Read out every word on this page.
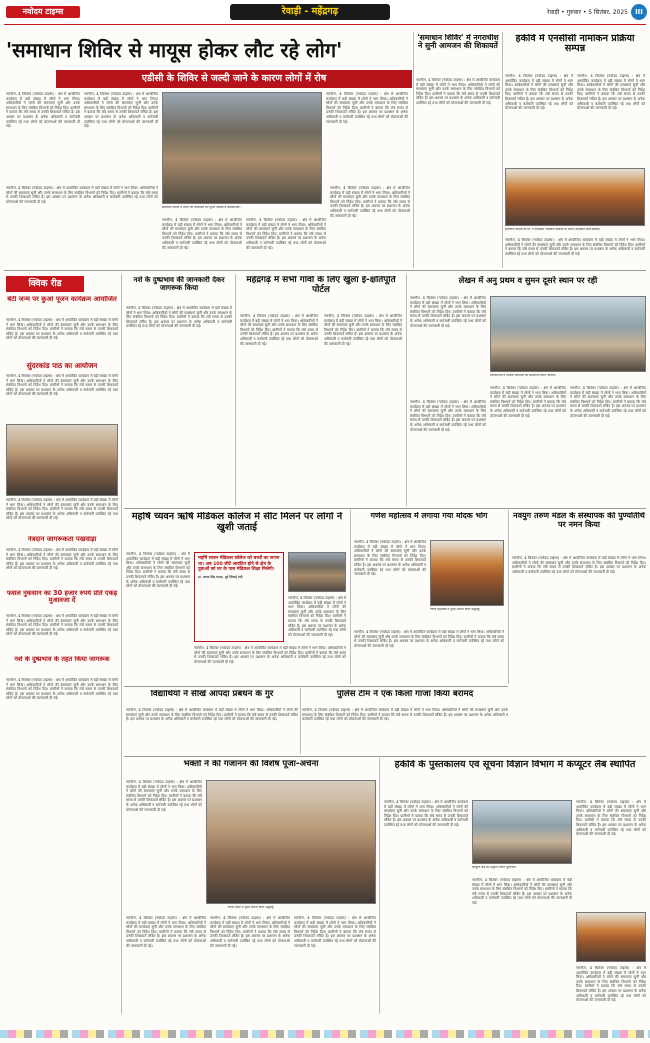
नवोदय टाइम्स	रेवाड़ी - महेंद्रगढ़	रेवाड़ी • गुरुवार • 5 सितंबर, 2025	III
'समाधान शिविर से मायूस होकर लौट रहे लोग'
एडीसी के शिविर से जल्दी जाने के कारण लोगों में रोष
नारनौल, 4 सितंबर (नवोदय टाइम्स) : क्षेत्र में आयोजित कार्यक्रम में बड़ी संख्या में लोगों ने भाग लिया। अधिकारियों ने लोगों की समस्याएं सुनीं और उनके समाधान के लिए संबंधित विभागों को निर्देश दिए। ग्रामीणों ने बताया कि लंबे समय से उनकी शिकायतें लंबित हैं। इस अवसर पर प्रशासन के अनेक अधिकारी व कर्मचारी उपस्थित रहे तथा लोगों को योजनाओं की जानकारी दी गई।
नारनौल, 4 सितंबर (नवोदय टाइम्स) : क्षेत्र में आयोजित कार्यक्रम में बड़ी संख्या में लोगों ने भाग लिया। अधिकारियों ने लोगों की समस्याएं सुनीं और उनके समाधान के लिए संबंधित विभागों को निर्देश दिए। ग्रामीणों ने बताया कि लंबे समय से उनकी शिकायतें लंबित हैं। इस अवसर पर प्रशासन के अनेक अधिकारी व कर्मचारी उपस्थित रहे तथा लोगों को योजनाओं की जानकारी दी गई।
समाधान शिविर में लोगों की शिकायतें को सुनते एडीसी व प्रशासनिक।
नारनौल, 4 सितंबर (नवोदय टाइम्स) : क्षेत्र में आयोजित कार्यक्रम में बड़ी संख्या में लोगों ने भाग लिया। अधिकारियों ने लोगों की समस्याएं सुनीं और उनके समाधान के लिए संबंधित विभागों को निर्देश दिए। ग्रामीणों ने बताया कि लंबे समय से उनकी शिकायतें लंबित हैं। इस अवसर पर प्रशासन के अनेक अधिकारी व कर्मचारी उपस्थित रहे तथा लोगों को योजनाओं की जानकारी दी गई।
नारनौल, 4 सितंबर (नवोदय टाइम्स) : क्षेत्र में आयोजित कार्यक्रम में बड़ी संख्या में लोगों ने भाग लिया। अधिकारियों ने लोगों की समस्याएं सुनीं और उनके समाधान के लिए संबंधित विभागों को निर्देश दिए। ग्रामीणों ने बताया कि लंबे समय से उनकी शिकायतें लंबित हैं। इस अवसर पर प्रशासन के अनेक अधिकारी व कर्मचारी उपस्थित रहे तथा लोगों को योजनाओं की जानकारी दी गई।
नारनौल, 4 सितंबर (नवोदय टाइम्स) : क्षेत्र में आयोजित कार्यक्रम में बड़ी संख्या में लोगों ने भाग लिया। अधिकारियों ने लोगों की समस्याएं सुनीं और उनके समाधान के लिए संबंधित विभागों को निर्देश दिए। ग्रामीणों ने बताया कि लंबे समय से उनकी शिकायतें लंबित हैं। इस अवसर पर प्रशासन के अनेक अधिकारी व कर्मचारी उपस्थित रहे तथा लोगों को योजनाओं की जानकारी दी गई।
नारनौल, 4 सितंबर (नवोदय टाइम्स) : क्षेत्र में आयोजित कार्यक्रम में बड़ी संख्या में लोगों ने भाग लिया। अधिकारियों ने लोगों की समस्याएं सुनीं और उनके समाधान के लिए संबंधित विभागों को निर्देश दिए। ग्रामीणों ने बताया कि लंबे समय से उनकी शिकायतें लंबित हैं। इस अवसर पर प्रशासन के अनेक अधिकारी व कर्मचारी उपस्थित रहे तथा लोगों को योजनाओं की जानकारी दी गई।
नारनौल, 4 सितंबर (नवोदय टाइम्स) : क्षेत्र में आयोजित कार्यक्रम में बड़ी संख्या में लोगों ने भाग लिया। अधिकारियों ने लोगों की समस्याएं सुनीं और उनके समाधान के लिए संबंधित विभागों को निर्देश दिए। ग्रामीणों ने बताया कि लंबे समय से उनकी शिकायतें लंबित हैं। इस अवसर पर प्रशासन के अनेक अधिकारी व कर्मचारी उपस्थित रहे तथा लोगों को योजनाओं की जानकारी दी गई।
'समाधान शिविर' में नगराधीश ने सुनी आमजन की शिकायतें
नारनौल, 4 सितंबर (नवोदय टाइम्स) : क्षेत्र में आयोजित कार्यक्रम में बड़ी संख्या में लोगों ने भाग लिया। अधिकारियों ने लोगों की समस्याएं सुनीं और उनके समाधान के लिए संबंधित विभागों को निर्देश दिए। ग्रामीणों ने बताया कि लंबे समय से उनकी शिकायतें लंबित हैं। इस अवसर पर प्रशासन के अनेक अधिकारी व कर्मचारी उपस्थित रहे तथा लोगों को योजनाओं की जानकारी दी गई।
हकेवि में एनसीसी नामांकन प्रक्रिया सम्पन्न
नारनौल, 4 सितंबर (नवोदय टाइम्स) : क्षेत्र में आयोजित कार्यक्रम में बड़ी संख्या में लोगों ने भाग लिया। अधिकारियों ने लोगों की समस्याएं सुनीं और उनके समाधान के लिए संबंधित विभागों को निर्देश दिए। ग्रामीणों ने बताया कि लंबे समय से उनकी शिकायतें लंबित हैं। इस अवसर पर प्रशासन के अनेक अधिकारी व कर्मचारी उपस्थित रहे तथा लोगों को योजनाओं की जानकारी दी गई।
नारनौल, 4 सितंबर (नवोदय टाइम्स) : क्षेत्र में आयोजित कार्यक्रम में बड़ी संख्या में लोगों ने भाग लिया। अधिकारियों ने लोगों की समस्याएं सुनीं और उनके समाधान के लिए संबंधित विभागों को निर्देश दिए। ग्रामीणों ने बताया कि लंबे समय से उनकी शिकायतें लंबित हैं। इस अवसर पर प्रशासन के अनेक अधिकारी व कर्मचारी उपस्थित रहे तथा लोगों को योजनाओं की जानकारी दी गई।
हरियाणा केंद्रीय वि.वि. में एनसीसी नामांकन प्रक्रिया के दौरान उपस्थित छात्र-छात्राएं।
नारनौल, 4 सितंबर (नवोदय टाइम्स) : क्षेत्र में आयोजित कार्यक्रम में बड़ी संख्या में लोगों ने भाग लिया। अधिकारियों ने लोगों की समस्याएं सुनीं और उनके समाधान के लिए संबंधित विभागों को निर्देश दिए। ग्रामीणों ने बताया कि लंबे समय से उनकी शिकायतें लंबित हैं। इस अवसर पर प्रशासन के अनेक अधिकारी व कर्मचारी उपस्थित रहे तथा लोगों को योजनाओं की जानकारी दी गई।
क्विक रीड
बेटी जन्म पर कुआं पूजन कार्यक्रम आयोजित
नारनौल, 4 सितंबर (नवोदय टाइम्स) : क्षेत्र में आयोजित कार्यक्रम में बड़ी संख्या में लोगों ने भाग लिया। अधिकारियों ने लोगों की समस्याएं सुनीं और उनके समाधान के लिए संबंधित विभागों को निर्देश दिए। ग्रामीणों ने बताया कि लंबे समय से उनकी शिकायतें लंबित हैं। इस अवसर पर प्रशासन के अनेक अधिकारी व कर्मचारी उपस्थित रहे तथा लोगों को योजनाओं की जानकारी दी गई।
सुंदरकांड पाठ का आयोजन
नारनौल, 4 सितंबर (नवोदय टाइम्स) : क्षेत्र में आयोजित कार्यक्रम में बड़ी संख्या में लोगों ने भाग लिया। अधिकारियों ने लोगों की समस्याएं सुनीं और उनके समाधान के लिए संबंधित विभागों को निर्देश दिए। ग्रामीणों ने बताया कि लंबे समय से उनकी शिकायतें लंबित हैं। इस अवसर पर प्रशासन के अनेक अधिकारी व कर्मचारी उपस्थित रहे तथा लोगों को योजनाओं की जानकारी दी गई।
नारनौल, 4 सितंबर (नवोदय टाइम्स) : क्षेत्र में आयोजित कार्यक्रम में बड़ी संख्या में लोगों ने भाग लिया। अधिकारियों ने लोगों की समस्याएं सुनीं और उनके समाधान के लिए संबंधित विभागों को निर्देश दिए। ग्रामीणों ने बताया कि लंबे समय से उनकी शिकायतें लंबित हैं। इस अवसर पर प्रशासन के अनेक अधिकारी व कर्मचारी उपस्थित रहे तथा लोगों को योजनाओं की जानकारी दी गई।
नेत्रदान जागरूकता पखवाड़ा
नारनौल, 4 सितंबर (नवोदय टाइम्स) : क्षेत्र में आयोजित कार्यक्रम में बड़ी संख्या में लोगों ने भाग लिया। अधिकारियों ने लोगों की समस्याएं सुनीं और उनके समाधान के लिए संबंधित विभागों को निर्देश दिए। ग्रामीणों ने बताया कि लंबे समय से उनकी शिकायतें लंबित हैं। इस अवसर पर प्रशासन के अनेक अधिकारी व कर्मचारी उपस्थित रहे तथा लोगों को योजनाओं की जानकारी दी गई।
फसल नुकसान का 30 हजार रुपये प्रति एकड़ मुआवजा दें
नारनौल, 4 सितंबर (नवोदय टाइम्स) : क्षेत्र में आयोजित कार्यक्रम में बड़ी संख्या में लोगों ने भाग लिया। अधिकारियों ने लोगों की समस्याएं सुनीं और उनके समाधान के लिए संबंधित विभागों को निर्देश दिए। ग्रामीणों ने बताया कि लंबे समय से उनकी शिकायतें लंबित हैं। इस अवसर पर प्रशासन के अनेक अधिकारी व कर्मचारी उपस्थित रहे तथा लोगों को योजनाओं की जानकारी दी गई।
नशे के दुष्प्रभाव के तहत किया जागरूक
नारनौल, 4 सितंबर (नवोदय टाइम्स) : क्षेत्र में आयोजित कार्यक्रम में बड़ी संख्या में लोगों ने भाग लिया। अधिकारियों ने लोगों की समस्याएं सुनीं और उनके समाधान के लिए संबंधित विभागों को निर्देश दिए। ग्रामीणों ने बताया कि लंबे समय से उनकी शिकायतें लंबित हैं। इस अवसर पर प्रशासन के अनेक अधिकारी व कर्मचारी उपस्थित रहे तथा लोगों को योजनाओं की जानकारी दी गई।
नशे के दुष्प्रभाव की जानकारी देकर जागरूक किया
नारनौल, 4 सितंबर (नवोदय टाइम्स) : क्षेत्र में आयोजित कार्यक्रम में बड़ी संख्या में लोगों ने भाग लिया। अधिकारियों ने लोगों की समस्याएं सुनीं और उनके समाधान के लिए संबंधित विभागों को निर्देश दिए। ग्रामीणों ने बताया कि लंबे समय से उनकी शिकायतें लंबित हैं। इस अवसर पर प्रशासन के अनेक अधिकारी व कर्मचारी उपस्थित रहे तथा लोगों को योजनाओं की जानकारी दी गई।
महेंद्रगढ़ में सभी गांवों के लिए खुला ई-क्षतिपूर्ति पोर्टल
नारनौल, 4 सितंबर (नवोदय टाइम्स) : क्षेत्र में आयोजित कार्यक्रम में बड़ी संख्या में लोगों ने भाग लिया। अधिकारियों ने लोगों की समस्याएं सुनीं और उनके समाधान के लिए संबंधित विभागों को निर्देश दिए। ग्रामीणों ने बताया कि लंबे समय से उनकी शिकायतें लंबित हैं। इस अवसर पर प्रशासन के अनेक अधिकारी व कर्मचारी उपस्थित रहे तथा लोगों को योजनाओं की जानकारी दी गई।
नारनौल, 4 सितंबर (नवोदय टाइम्स) : क्षेत्र में आयोजित कार्यक्रम में बड़ी संख्या में लोगों ने भाग लिया। अधिकारियों ने लोगों की समस्याएं सुनीं और उनके समाधान के लिए संबंधित विभागों को निर्देश दिए। ग्रामीणों ने बताया कि लंबे समय से उनकी शिकायतें लंबित हैं। इस अवसर पर प्रशासन के अनेक अधिकारी व कर्मचारी उपस्थित रहे तथा लोगों को योजनाओं की जानकारी दी गई।
लेखन में अनु प्रथम व सुमन दूसरे स्थान पर रही
नारनौल, 4 सितंबर (नवोदय टाइम्स) : क्षेत्र में आयोजित कार्यक्रम में बड़ी संख्या में लोगों ने भाग लिया। अधिकारियों ने लोगों की समस्याएं सुनीं और उनके समाधान के लिए संबंधित विभागों को निर्देश दिए। ग्रामीणों ने बताया कि लंबे समय से उनकी शिकायतें लंबित हैं। इस अवसर पर प्रशासन के अनेक अधिकारी व कर्मचारी उपस्थित रहे तथा लोगों को योजनाओं की जानकारी दी गई।
प्रतियोगिता में विजेता छात्राओं को सम्मानित करते अतिथि।
नारनौल, 4 सितंबर (नवोदय टाइम्स) : क्षेत्र में आयोजित कार्यक्रम में बड़ी संख्या में लोगों ने भाग लिया। अधिकारियों ने लोगों की समस्याएं सुनीं और उनके समाधान के लिए संबंधित विभागों को निर्देश दिए। ग्रामीणों ने बताया कि लंबे समय से उनकी शिकायतें लंबित हैं। इस अवसर पर प्रशासन के अनेक अधिकारी व कर्मचारी उपस्थित रहे तथा लोगों को योजनाओं की जानकारी दी गई।
नारनौल, 4 सितंबर (नवोदय टाइम्स) : क्षेत्र में आयोजित कार्यक्रम में बड़ी संख्या में लोगों ने भाग लिया। अधिकारियों ने लोगों की समस्याएं सुनीं और उनके समाधान के लिए संबंधित विभागों को निर्देश दिए। ग्रामीणों ने बताया कि लंबे समय से उनकी शिकायतें लंबित हैं। इस अवसर पर प्रशासन के अनेक अधिकारी व कर्मचारी उपस्थित रहे तथा लोगों को योजनाओं की जानकारी दी गई।
नारनौल, 4 सितंबर (नवोदय टाइम्स) : क्षेत्र में आयोजित कार्यक्रम में बड़ी संख्या में लोगों ने भाग लिया। अधिकारियों ने लोगों की समस्याएं सुनीं और उनके समाधान के लिए संबंधित विभागों को निर्देश दिए। ग्रामीणों ने बताया कि लंबे समय से उनकी शिकायतें लंबित हैं। इस अवसर पर प्रशासन के अनेक अधिकारी व कर्मचारी उपस्थित रहे तथा लोगों को योजनाओं की जानकारी दी गई।
महर्षि च्यवन ऋषि मेडिकल कॉलेज में सीट मिलने पर लोगों ने खुशी जताई
नारनौल, 4 सितंबर (नवोदय टाइम्स) : क्षेत्र में आयोजित कार्यक्रम में बड़ी संख्या में लोगों ने भाग लिया। अधिकारियों ने लोगों की समस्याएं सुनीं और उनके समाधान के लिए संबंधित विभागों को निर्देश दिए। ग्रामीणों ने बताया कि लंबे समय से उनकी शिकायतें लंबित हैं। इस अवसर पर प्रशासन के अनेक अधिकारी व कर्मचारी उपस्थित रहे तथा लोगों को योजनाओं की जानकारी दी गई।
महर्षि च्यवन मेडिकल कॉलेज को बच्चों का सपना था। अब 100 सीटें आवंटित होने से क्षेत्र के युवाओं को घर के पास मेडिकल शिक्षा मिलेगी।
डा. अभय सिंह यादव, पूर्व सिंचाई मंत्री
नारनौल, 4 सितंबर (नवोदय टाइम्स) : क्षेत्र में आयोजित कार्यक्रम में बड़ी संख्या में लोगों ने भाग लिया। अधिकारियों ने लोगों की समस्याएं सुनीं और उनके समाधान के लिए संबंधित विभागों को निर्देश दिए। ग्रामीणों ने बताया कि लंबे समय से उनकी शिकायतें लंबित हैं। इस अवसर पर प्रशासन के अनेक अधिकारी व कर्मचारी उपस्थित रहे तथा लोगों को योजनाओं की जानकारी दी गई।
नारनौल, 4 सितंबर (नवोदय टाइम्स) : क्षेत्र में आयोजित कार्यक्रम में बड़ी संख्या में लोगों ने भाग लिया। अधिकारियों ने लोगों की समस्याएं सुनीं और उनके समाधान के लिए संबंधित विभागों को निर्देश दिए। ग्रामीणों ने बताया कि लंबे समय से उनकी शिकायतें लंबित हैं। इस अवसर पर प्रशासन के अनेक अधिकारी व कर्मचारी उपस्थित रहे तथा लोगों को योजनाओं की जानकारी दी गई।
गणेश महोत्सव में लगाया गया मोदक भोग
नारनौल, 4 सितंबर (नवोदय टाइम्स) : क्षेत्र में आयोजित कार्यक्रम में बड़ी संख्या में लोगों ने भाग लिया। अधिकारियों ने लोगों की समस्याएं सुनीं और उनके समाधान के लिए संबंधित विभागों को निर्देश दिए। ग्रामीणों ने बताया कि लंबे समय से उनकी शिकायतें लंबित हैं। इस अवसर पर प्रशासन के अनेक अधिकारी व कर्मचारी उपस्थित रहे तथा लोगों को योजनाओं की जानकारी दी गई।
गणेश महोत्सव में पूजा-अर्चना करते श्रद्धालु।
नारनौल, 4 सितंबर (नवोदय टाइम्स) : क्षेत्र में आयोजित कार्यक्रम में बड़ी संख्या में लोगों ने भाग लिया। अधिकारियों ने लोगों की समस्याएं सुनीं और उनके समाधान के लिए संबंधित विभागों को निर्देश दिए। ग्रामीणों ने बताया कि लंबे समय से उनकी शिकायतें लंबित हैं। इस अवसर पर प्रशासन के अनेक अधिकारी व कर्मचारी उपस्थित रहे तथा लोगों को योजनाओं की जानकारी दी गई।
नवयुग तरुण मंडल के संस्थापक की पुण्यतिथि पर नमन किया
नारनौल, 4 सितंबर (नवोदय टाइम्स) : क्षेत्र में आयोजित कार्यक्रम में बड़ी संख्या में लोगों ने भाग लिया। अधिकारियों ने लोगों की समस्याएं सुनीं और उनके समाधान के लिए संबंधित विभागों को निर्देश दिए। ग्रामीणों ने बताया कि लंबे समय से उनकी शिकायतें लंबित हैं। इस अवसर पर प्रशासन के अनेक अधिकारी व कर्मचारी उपस्थित रहे तथा लोगों को योजनाओं की जानकारी दी गई।
विद्यार्थियों ने सीखे आपदा प्रबंधन के गुर
नारनौल, 4 सितंबर (नवोदय टाइम्स) : क्षेत्र में आयोजित कार्यक्रम में बड़ी संख्या में लोगों ने भाग लिया। अधिकारियों ने लोगों की समस्याएं सुनीं और उनके समाधान के लिए संबंधित विभागों को निर्देश दिए। ग्रामीणों ने बताया कि लंबे समय से उनकी शिकायतें लंबित हैं। इस अवसर पर प्रशासन के अनेक अधिकारी व कर्मचारी उपस्थित रहे तथा लोगों को योजनाओं की जानकारी दी गई।
पुलिस टीम ने एक किलो गांजा किया बरामद
नारनौल, 4 सितंबर (नवोदय टाइम्स) : क्षेत्र में आयोजित कार्यक्रम में बड़ी संख्या में लोगों ने भाग लिया। अधिकारियों ने लोगों की समस्याएं सुनीं और उनके समाधान के लिए संबंधित विभागों को निर्देश दिए। ग्रामीणों ने बताया कि लंबे समय से उनकी शिकायतें लंबित हैं। इस अवसर पर प्रशासन के अनेक अधिकारी व कर्मचारी उपस्थित रहे तथा लोगों को योजनाओं की जानकारी दी गई।
भक्तों ने की गजानन की विशेष पूजा-अर्चना
नारनौल, 4 सितंबर (नवोदय टाइम्स) : क्षेत्र में आयोजित कार्यक्रम में बड़ी संख्या में लोगों ने भाग लिया। अधिकारियों ने लोगों की समस्याएं सुनीं और उनके समाधान के लिए संबंधित विभागों को निर्देश दिए। ग्रामीणों ने बताया कि लंबे समय से उनकी शिकायतें लंबित हैं। इस अवसर पर प्रशासन के अनेक अधिकारी व कर्मचारी उपस्थित रहे तथा लोगों को योजनाओं की जानकारी दी गई।
गणेश मंदिर में पूजा-अर्चना करते श्रद्धालु।
नारनौल, 4 सितंबर (नवोदय टाइम्स) : क्षेत्र में आयोजित कार्यक्रम में बड़ी संख्या में लोगों ने भाग लिया। अधिकारियों ने लोगों की समस्याएं सुनीं और उनके समाधान के लिए संबंधित विभागों को निर्देश दिए। ग्रामीणों ने बताया कि लंबे समय से उनकी शिकायतें लंबित हैं। इस अवसर पर प्रशासन के अनेक अधिकारी व कर्मचारी उपस्थित रहे तथा लोगों को योजनाओं की जानकारी दी गई।
नारनौल, 4 सितंबर (नवोदय टाइम्स) : क्षेत्र में आयोजित कार्यक्रम में बड़ी संख्या में लोगों ने भाग लिया। अधिकारियों ने लोगों की समस्याएं सुनीं और उनके समाधान के लिए संबंधित विभागों को निर्देश दिए। ग्रामीणों ने बताया कि लंबे समय से उनकी शिकायतें लंबित हैं। इस अवसर पर प्रशासन के अनेक अधिकारी व कर्मचारी उपस्थित रहे तथा लोगों को योजनाओं की जानकारी दी गई।
नारनौल, 4 सितंबर (नवोदय टाइम्स) : क्षेत्र में आयोजित कार्यक्रम में बड़ी संख्या में लोगों ने भाग लिया। अधिकारियों ने लोगों की समस्याएं सुनीं और उनके समाधान के लिए संबंधित विभागों को निर्देश दिए। ग्रामीणों ने बताया कि लंबे समय से उनकी शिकायतें लंबित हैं। इस अवसर पर प्रशासन के अनेक अधिकारी व कर्मचारी उपस्थित रहे तथा लोगों को योजनाओं की जानकारी दी गई।
हकेवि के पुस्तकालय एवं सूचना विज्ञान विभाग में कंप्यूटर लैब स्थापित
नारनौल, 4 सितंबर (नवोदय टाइम्स) : क्षेत्र में आयोजित कार्यक्रम में बड़ी संख्या में लोगों ने भाग लिया। अधिकारियों ने लोगों की समस्याएं सुनीं और उनके समाधान के लिए संबंधित विभागों को निर्देश दिए। ग्रामीणों ने बताया कि लंबे समय से उनकी शिकायतें लंबित हैं। इस अवसर पर प्रशासन के अनेक अधिकारी व कर्मचारी उपस्थित रहे तथा लोगों को योजनाओं की जानकारी दी गई।
कंप्यूटर लैब का उद्घाटन करते कुलपति।
नारनौल, 4 सितंबर (नवोदय टाइम्स) : क्षेत्र में आयोजित कार्यक्रम में बड़ी संख्या में लोगों ने भाग लिया। अधिकारियों ने लोगों की समस्याएं सुनीं और उनके समाधान के लिए संबंधित विभागों को निर्देश दिए। ग्रामीणों ने बताया कि लंबे समय से उनकी शिकायतें लंबित हैं। इस अवसर पर प्रशासन के अनेक अधिकारी व कर्मचारी उपस्थित रहे तथा लोगों को योजनाओं की जानकारी दी गई।
नारनौल, 4 सितंबर (नवोदय टाइम्स) : क्षेत्र में आयोजित कार्यक्रम में बड़ी संख्या में लोगों ने भाग लिया। अधिकारियों ने लोगों की समस्याएं सुनीं और उनके समाधान के लिए संबंधित विभागों को निर्देश दिए। ग्रामीणों ने बताया कि लंबे समय से उनकी शिकायतें लंबित हैं। इस अवसर पर प्रशासन के अनेक अधिकारी व कर्मचारी उपस्थित रहे तथा लोगों को योजनाओं की जानकारी दी गई।
नारनौल, 4 सितंबर (नवोदय टाइम्स) : क्षेत्र में आयोजित कार्यक्रम में बड़ी संख्या में लोगों ने भाग लिया। अधिकारियों ने लोगों की समस्याएं सुनीं और उनके समाधान के लिए संबंधित विभागों को निर्देश दिए। ग्रामीणों ने बताया कि लंबे समय से उनकी शिकायतें लंबित हैं। इस अवसर पर प्रशासन के अनेक अधिकारी व कर्मचारी उपस्थित रहे तथा लोगों को योजनाओं की जानकारी दी गई।
